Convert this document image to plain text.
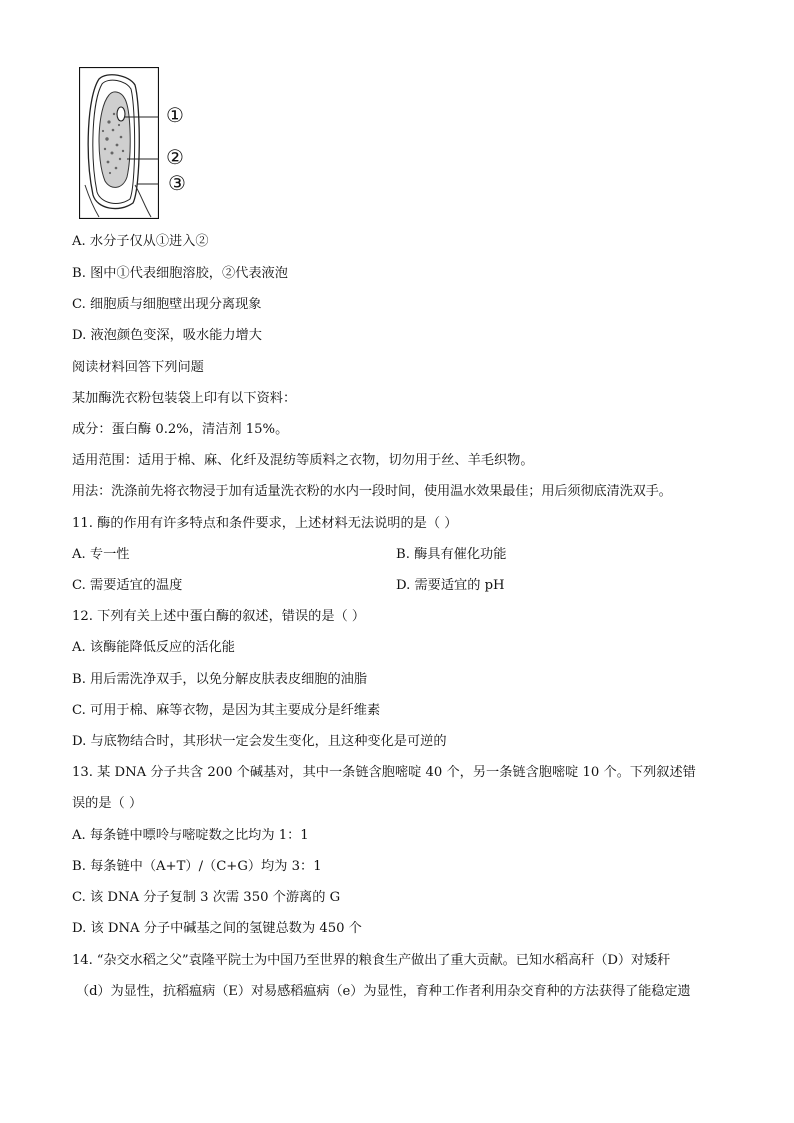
①
②
③

A. 水分子仅从①进入②

B. 图中①代表细胞溶胶，②代表液泡

C. 细胞质与细胞壁出现分离现象

D. 液泡颜色变深，吸水能力增大

阅读材料回答下列问题

某加酶洗衣粉包装袋上印有以下资料：

成分：蛋白酶 0.2%，清洁剂 15%。

适用范围：适用于棉、麻、化纤及混纺等质料之衣物，切勿用于丝、羊毛织物。

用法：洗涤前先将衣物浸于加有适量洗衣粉的水内一段时间，使用温水效果最佳；用后须彻底清洗双手。

11. 酶的作用有许多特点和条件要求，上述材料无法说明的是（ ）

A. 专一性	B. 酶具有催化功能

C. 需要适宜的温度	D. 需要适宜的 pH

12. 下列有关上述中蛋白酶的叙述，错误的是（ ）

A. 该酶能降低反应的活化能

B. 用后需洗净双手，以免分解皮肤表皮细胞的油脂

C. 可用于棉、麻等衣物，是因为其主要成分是纤维素

D. 与底物结合时，其形状一定会发生变化，且这种变化是可逆的

13. 某 DNA 分子共含 200 个碱基对，其中一条链含胞嘧啶 40 个，另一条链含胞嘧啶 10 个。下列叙述错

误的是（ ）

A. 每条链中嘌呤与嘧啶数之比均为 1：1

B. 每条链中（A+T）/（C+G）均为 3：1

C. 该 DNA 分子复制 3 次需 350 个游离的 G

D. 该 DNA 分子中碱基之间的氢键总数为 450 个

14. “杂交水稻之父”袁隆平院士为中国乃至世界的粮食生产做出了重大贡献。已知水稻高秆（D）对矮秆

（d）为显性，抗稻瘟病（E）对易感稻瘟病（e）为显性，育种工作者利用杂交育种的方法获得了能稳定遗
